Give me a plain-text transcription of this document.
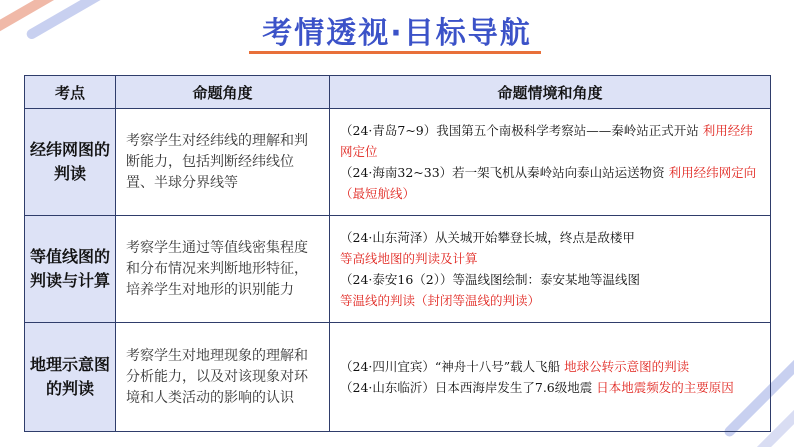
考情透视·目标导航
考点	命题角度	命题情境和角度
经纬网图的判读	考察学生对经纬线的理解和判断能力，包括判断经纬线位置、半球分界线等	（24·青岛7~9）我国第五个南极科学考察站——秦岭站正式开站 利用经纬网定位
（24·海南32~33）若一架飞机从秦岭站向泰山站运送物资 利用经纬网定向（最短航线）
等值线图的判读与计算	考察学生通过等值线密集程度和分布情况来判断地形特征，培养学生对地形的识别能力	（24·山东菏泽）从关城开始攀登长城，终点是敌楼甲
等高线地图的判读及计算
（24·泰安16（2））等温线图绘制：泰安某地等温线图
等温线的判读（封闭等温线的判读）
地理示意图的判读	考察学生对地理现象的理解和分析能力，以及对该现象对环境和人类活动的影响的认识	（24·四川宜宾）“神舟十八号”载人飞船 地球公转示意图的判读
（24·山东临沂）日本西海岸发生了7.6级地震 日本地震频发的主要原因
